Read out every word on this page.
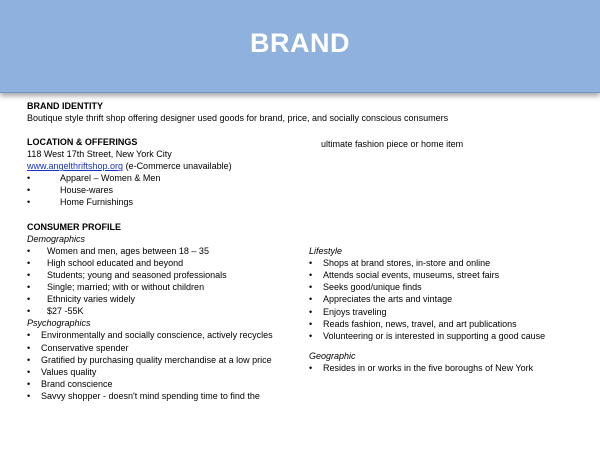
BRAND
BRAND IDENTITY
Boutique style thrift shop offering designer used goods for brand, price, and socially conscious consumers
LOCATION & OFFERINGS
118 West 17th Street, New York City
www.angelthriftshop.org (e-Commerce unavailable)
• Apparel – Women & Men
• House-wares
• Home Furnishings
CONSUMER PROFILE
Demographics
• Women and men, ages between 18 – 35
• High school educated and beyond
• Students; young and seasoned professionals
• Single; married; with or without children
• Ethnicity varies widely
• $27 -55K
Psychographics
• Environmentally and socially conscience, actively recycles
• Conservative spender
• Gratified by purchasing quality merchandise at a low price
• Values quality
• Brand conscience
• Savvy shopper - doesn't mind spending time to find the
ultimate fashion piece or home item
Lifestyle
• Shops at brand stores, in-store and online
• Attends social events, museums, street fairs
• Seeks good/unique finds
• Appreciates the arts and vintage
• Enjoys traveling
• Reads fashion, news, travel, and art publications
• Volunteering or is interested in supporting a good cause
Geographic
• Resides in or works in the five boroughs of New York
